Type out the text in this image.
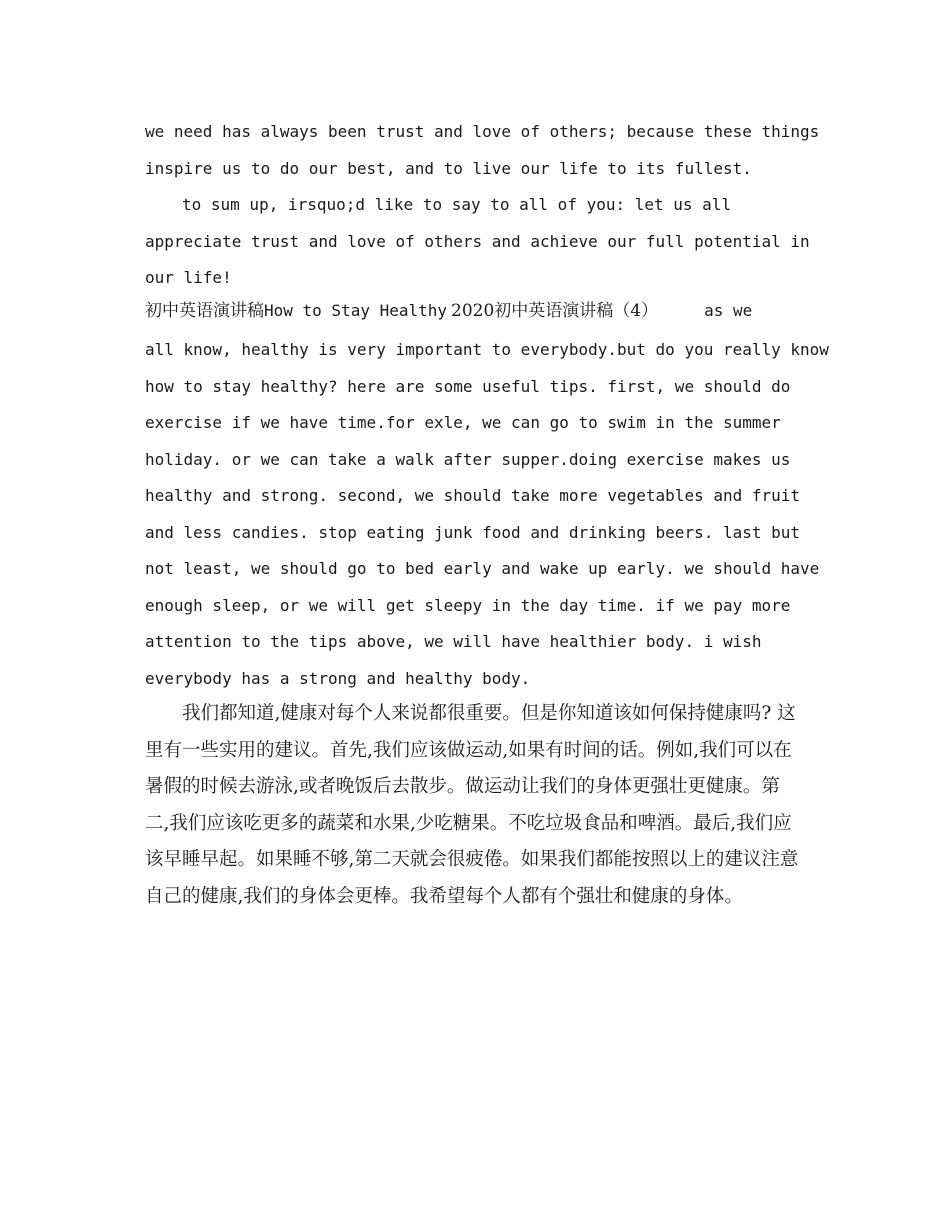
we need has always been trust and love of others; because these things
inspire us to do our best, and to live our life to its fullest.

to sum up, irsquo;d like to say to all of you: let us all
appreciate trust and love of others and achieve our full potential in
our life!

初中英语演讲稿How to Stay Healthy 2020初中英语演讲稿（4）	as we

all know, healthy is very important to everybody.but do you really know
how to stay healthy? here are some useful tips. first, we should do
exercise if we have time.for exle, we can go to swim in the summer
holiday. or we can take a walk after supper.doing exercise makes us
healthy and strong. second, we should take more vegetables and fruit
and less candies. stop eating junk food and drinking beers. last but
not least, we should go to bed early and wake up early. we should have
enough sleep, or we will get sleepy in the day time. if we pay more
attention to the tips above, we will have healthier body. i wish
everybody has a strong and healthy body.

我们都知道,健康对每个人来说都很重要。但是你知道该如何保持健康吗? 这
里有一些实用的建议。首先,我们应该做运动,如果有时间的话。例如,我们可以在
暑假的时候去游泳,或者晚饭后去散步。做运动让我们的身体更强壮更健康。第
二,我们应该吃更多的蔬菜和水果,少吃糖果。不吃垃圾食品和啤酒。最后,我们应
该早睡早起。如果睡不够,第二天就会很疲倦。如果我们都能按照以上的建议注意
自己的健康,我们的身体会更棒。我希望每个人都有个强壮和健康的身体。
